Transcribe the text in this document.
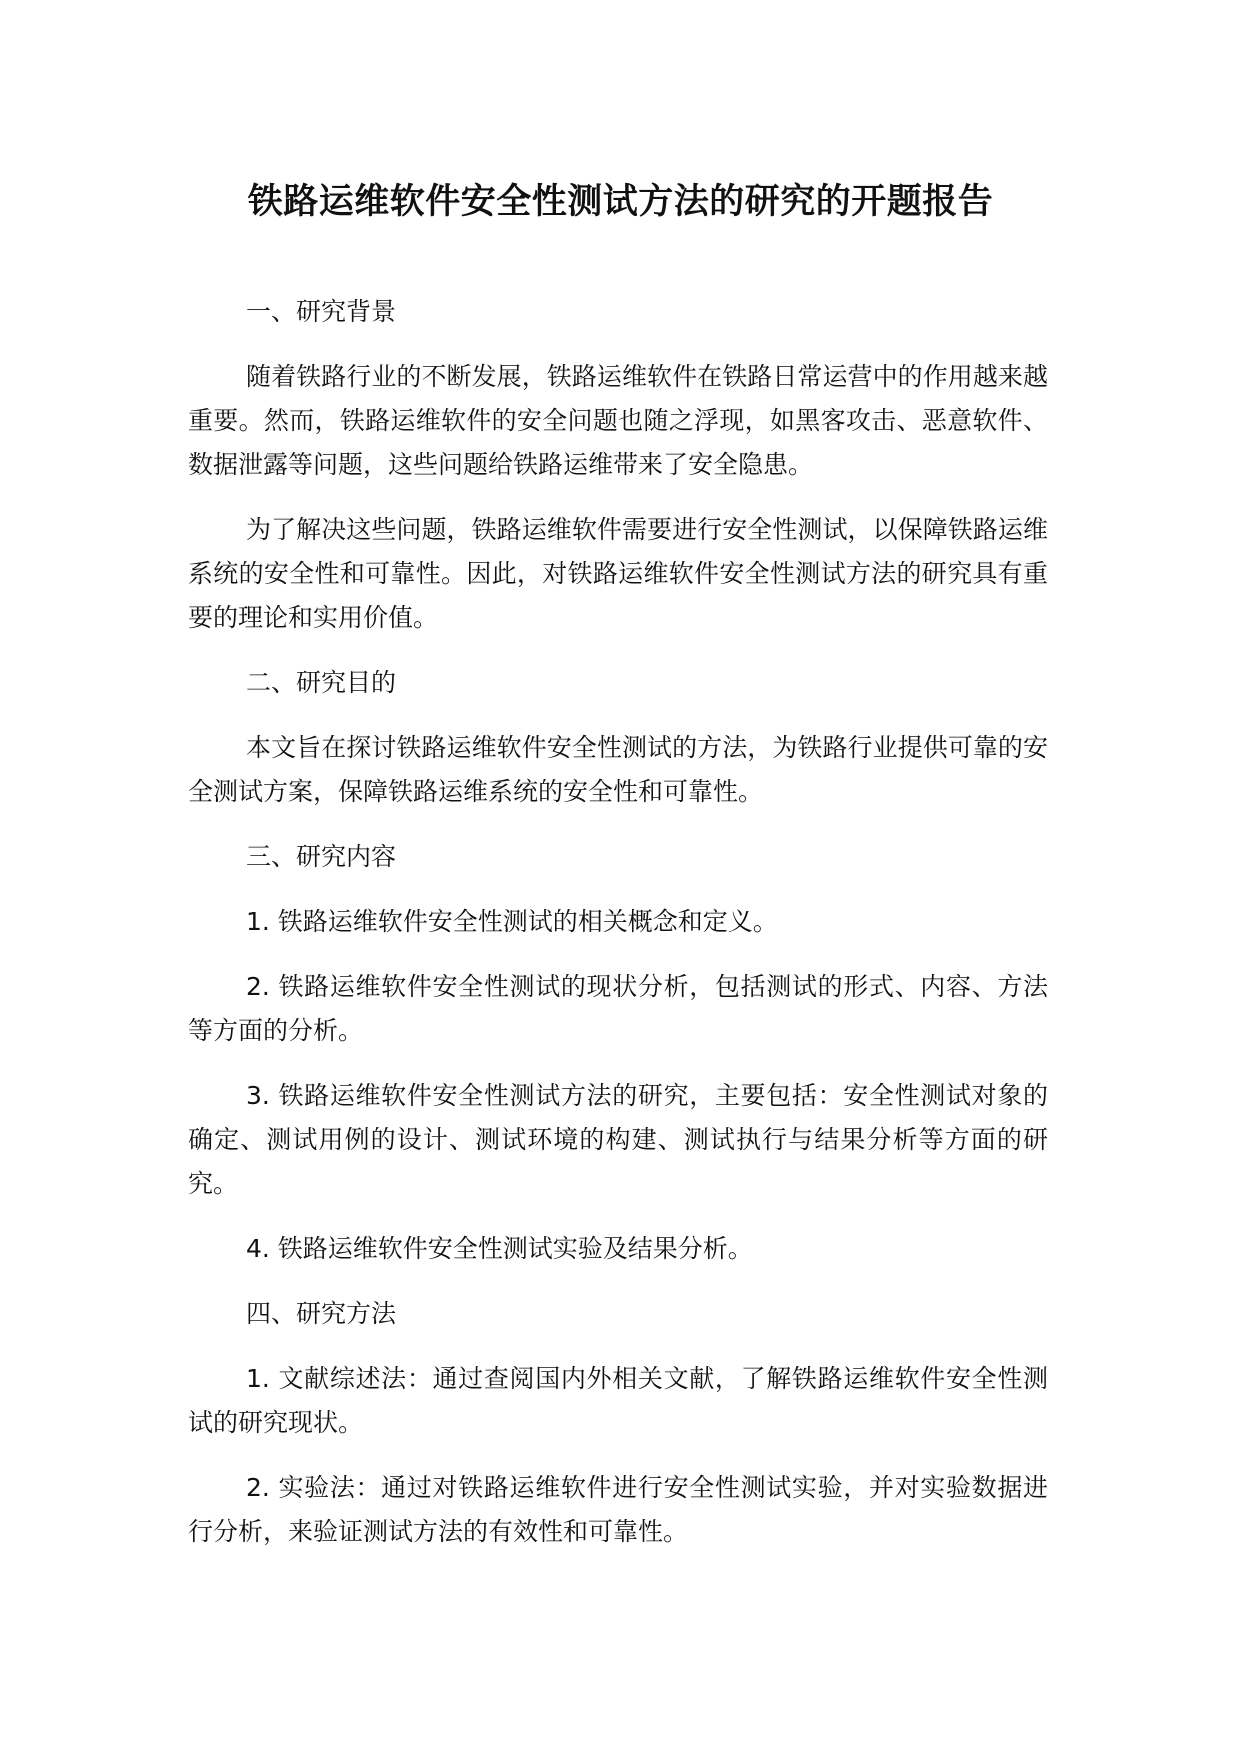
铁路运维软件安全性测试方法的研究的开题报告

一、研究背景

随着铁路行业的不断发展，铁路运维软件在铁路日常运营中的作用越来越重要。然而，铁路运维软件的安全问题也随之浮现，如黑客攻击、恶意软件、数据泄露等问题，这些问题给铁路运维带来了安全隐患。

为了解决这些问题，铁路运维软件需要进行安全性测试，以保障铁路运维系统的安全性和可靠性。因此，对铁路运维软件安全性测试方法的研究具有重要的理论和实用价值。

二、研究目的

本文旨在探讨铁路运维软件安全性测试的方法，为铁路行业提供可靠的安全测试方案，保障铁路运维系统的安全性和可靠性。

三、研究内容

1. 铁路运维软件安全性测试的相关概念和定义。

2. 铁路运维软件安全性测试的现状分析，包括测试的形式、内容、方法等方面的分析。

3. 铁路运维软件安全性测试方法的研究，主要包括：安全性测试对象的确定、测试用例的设计、测试环境的构建、测试执行与结果分析等方面的研究。

4. 铁路运维软件安全性测试实验及结果分析。

四、研究方法

1. 文献综述法：通过查阅国内外相关文献，了解铁路运维软件安全性测试的研究现状。

2. 实验法：通过对铁路运维软件进行安全性测试实验，并对实验数据进行分析，来验证测试方法的有效性和可靠性。
